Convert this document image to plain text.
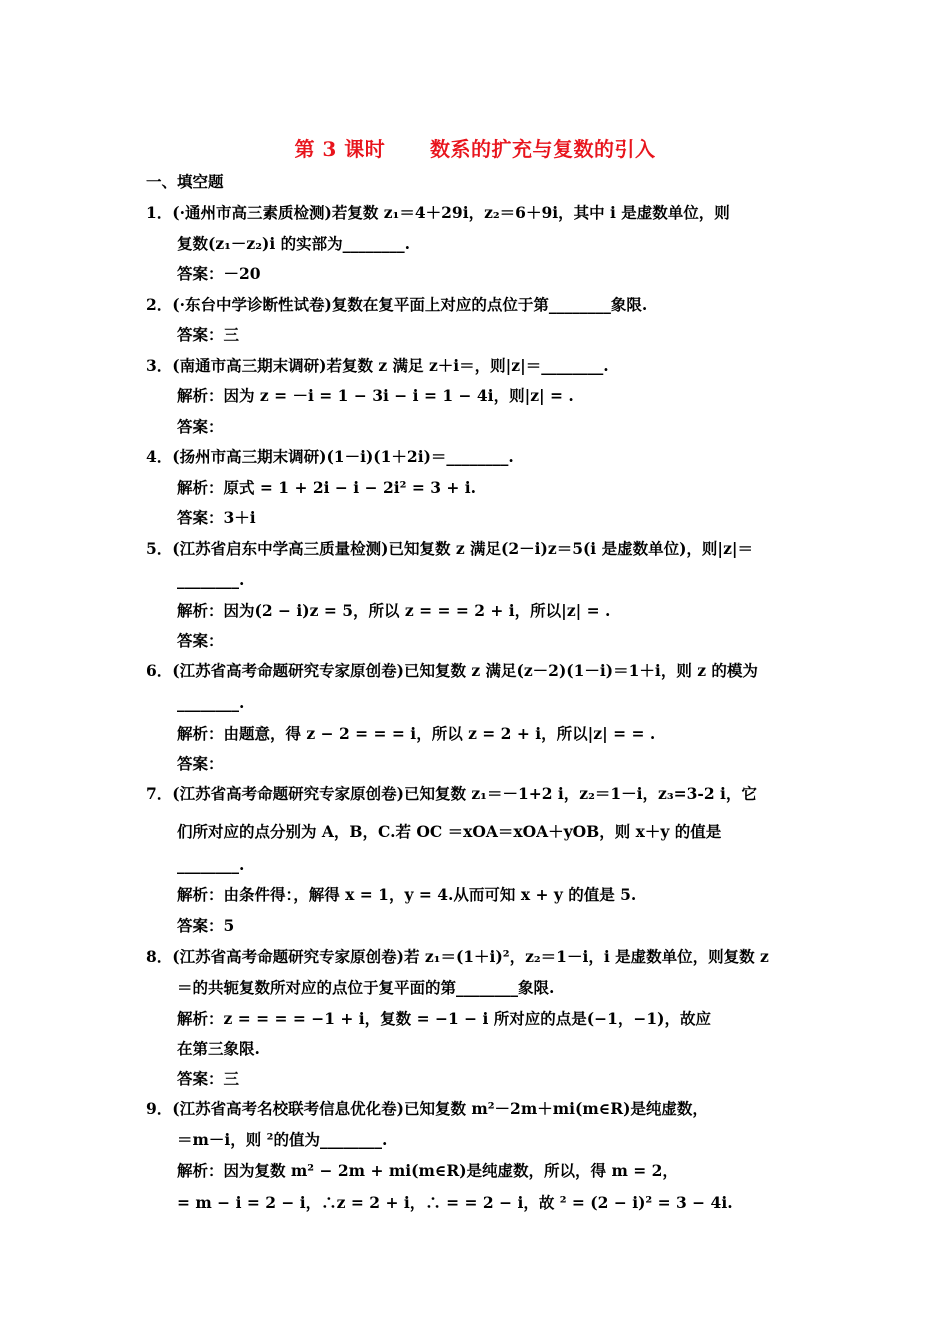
第 3 课时      数系的扩充与复数的引入
一、填空题
1．(·通州市高三素质检测)若复数 z₁＝4＋29i，z₂＝6＋9i，其中 i 是虚数单位，则
复数(z₁－z₂)i 的实部为________.
答案：－20
2．(·东台中学诊断性试卷)复数在复平面上对应的点位于第________象限.
答案：三
3．(南通市高三期末调研)若复数 z 满足 z＋i＝，则|z|＝________.
解析：因为 z = －i = 1 − 3i − i = 1 − 4i，则|z| = .
答案：
4．(扬州市高三期末调研)(1－i)(1＋2i)＝________.
解析：原式 = 1 + 2i − i − 2i² = 3 + i.
答案：3＋i
5．(江苏省启东中学高三质量检测)已知复数 z 满足(2－i)z＝5(i 是虚数单位)，则|z|＝
________.
解析：因为(2 − i)z = 5，所以 z = = = 2 + i，所以|z| = .
答案：
6．(江苏省高考命题研究专家原创卷)已知复数 z 满足(z－2)(1－i)＝1＋i，则 z 的模为
________.
解析：由题意，得 z − 2 = = = i，所以 z = 2 + i，所以|z| = = .
答案：
7．(江苏省高考命题研究专家原创卷)已知复数 z₁＝－1+2 i，z₂＝1－i，z₃=3-2 i，它
们所对应的点分别为 A，B，C.若 OC ＝xOA＝xOA＋yOB，则 x＋y 的值是
________.
解析：由条件得：，解得 x = 1，y = 4.从而可知 x + y 的值是 5.
答案：5
8．(江苏省高考命题研究专家原创卷)若 z₁＝(1＋i)²，z₂＝1－i，i 是虚数单位，则复数 z
＝的共轭复数所对应的点位于复平面的第________象限.
解析：z = = = = −1 + i，复数 = −1 − i 所对应的点是(−1，−1)，故应
在第三象限.
答案：三
9．(江苏省高考名校联考信息优化卷)已知复数 m²－2m＋mi(m∈R)是纯虚数，
＝m－i，则 ²的值为________.
解析：因为复数 m² − 2m + mi(m∈R)是纯虚数，所以，得 m = 2，
= m − i = 2 − i，∴z = 2 + i，∴ = = 2 − i，故 ² = (2 − i)² = 3 − 4i.
